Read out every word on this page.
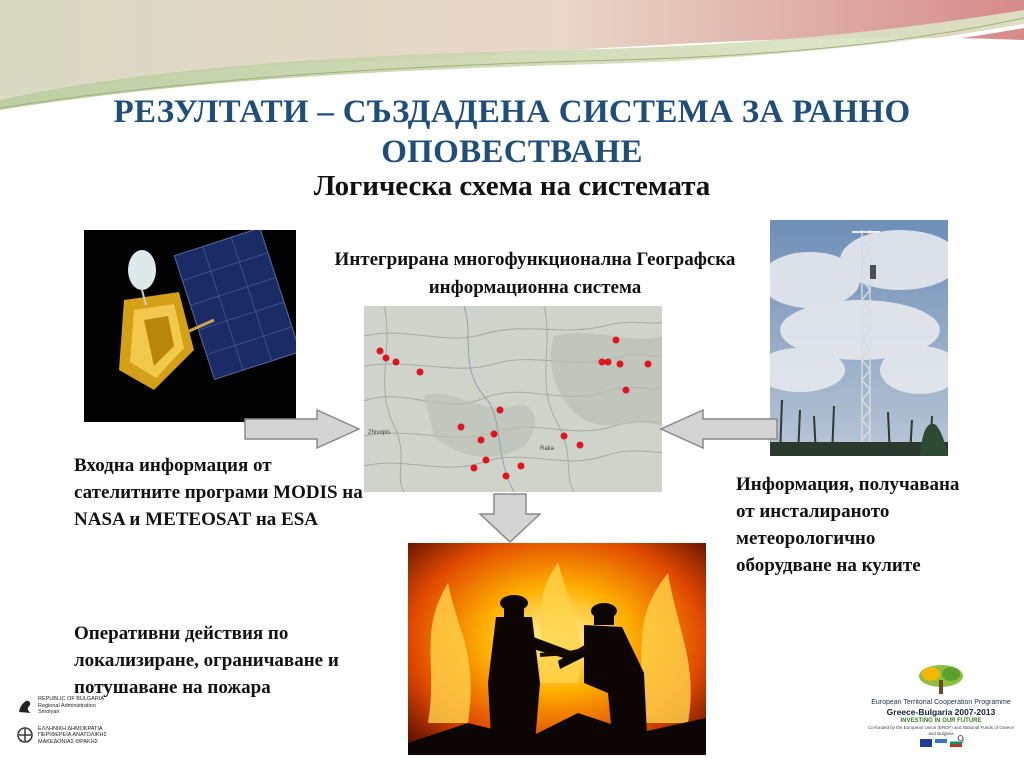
РЕЗУЛТАТИ – СЪЗДАДЕНА СИСТЕМА ЗА РАННО ОПОВЕСТВАНЕ
Логическа схема на системата
Интегрирана многофункционална Географска информационна система
Zhivopis
Raka
Входна информация от сателитните програми MODIS на NASA и METEOSAT на ESA
Оперативни действия по локализиране, ограничаване и потушаване на пожара
Информация, получавана от инсталираното метеорологично оборудване на кулите
REPUBLIC OF BULGARIA
Regional Administration
Smolyan
ΕΛΛΗΝΙΚΗ ΔΗΜΟΚΡΑΤΙΑ
ΠΕΡΙΦΕΡΕΙΑ ΑΝΑΤΟΛΙΚΗΣ
ΜΑΚΕΔΟΝΙΑΣ-ΘΡΑΚΗΣ
European Territorial Cooperation Programme
Greece-Bulgaria 2007-2013
INVESTING IN OUR FUTURE
Co-funded by the European Union (ERDF) and National Funds of Greece and Bulgaria 9
